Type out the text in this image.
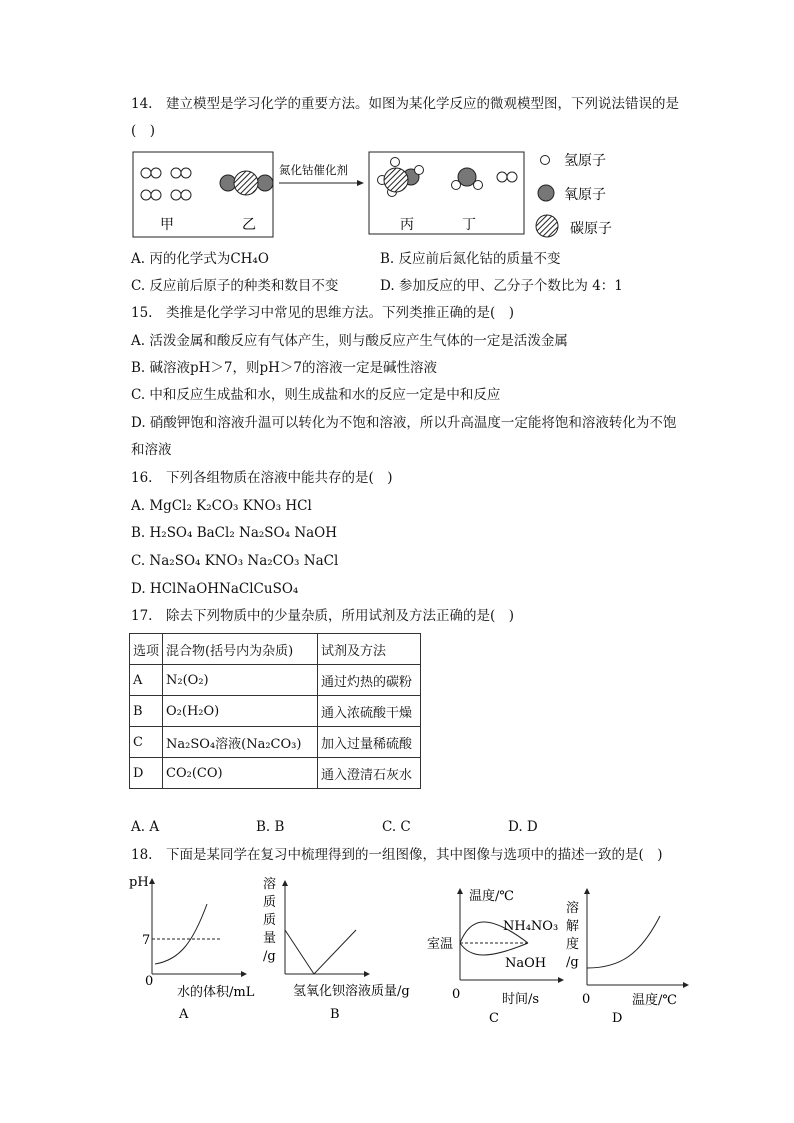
14.　建立模型是学习化学的重要方法。如图为某化学反应的微观模型图，下列说法错误的是
(　)
甲	乙
氮化钴催化剂
丙	丁
氢原子
氧原子
碳原子
A. 丙的化学式为CH₄O	B. 反应前后氮化钴的质量不变
C. 反应前后原子的种类和数目不变	D. 参加反应的甲、乙分子个数比为 4：1
15.　类推是化学学习中常见的思维方法。下列类推正确的是(　)
A. 活泼金属和酸反应有气体产生，则与酸反应产生气体的一定是活泼金属
B. 碱溶液pH＞7，则pH＞7的溶液一定是碱性溶液
C. 中和反应生成盐和水，则生成盐和水的反应一定是中和反应
D. 硝酸钾饱和溶液升温可以转化为不饱和溶液，所以升高温度一定能将饱和溶液转化为不饱
和溶液
16.　下列各组物质在溶液中能共存的是(　)
A. MgCl₂ K₂CO₃ KNO₃ HCl
B. H₂SO₄ BaCl₂ Na₂SO₄ NaOH
C. Na₂SO₄ KNO₃ Na₂CO₃ NaCl
D. HClNaOHNaClCuSO₄
17.　除去下列物质中的少量杂质，所用试剂及方法正确的是(　)
选项	混合物(括号内为杂质)	试剂及方法
A	N₂(O₂)	通过灼热的碳粉
B	O₂(H₂O)	通入浓硫酸干燥
C	Na₂SO₄溶液(Na₂CO₃)	加入过量稀硫酸
D	CO₂(CO)	通入澄清石灰水
A. A	B. B	C. C	D. D
18.　下面是某同学在复习中梳理得到的一组图像，其中图像与选项中的描述一致的是(　)
pH
7
0
水的体积/mL
A
溶
质
质
量
/g
氢氧化钡溶液质量/g
B
温度/℃
室温
NH₄NO₃
NaOH
0	时间/s
C
溶
解
度
/g
0	温度/℃
D
